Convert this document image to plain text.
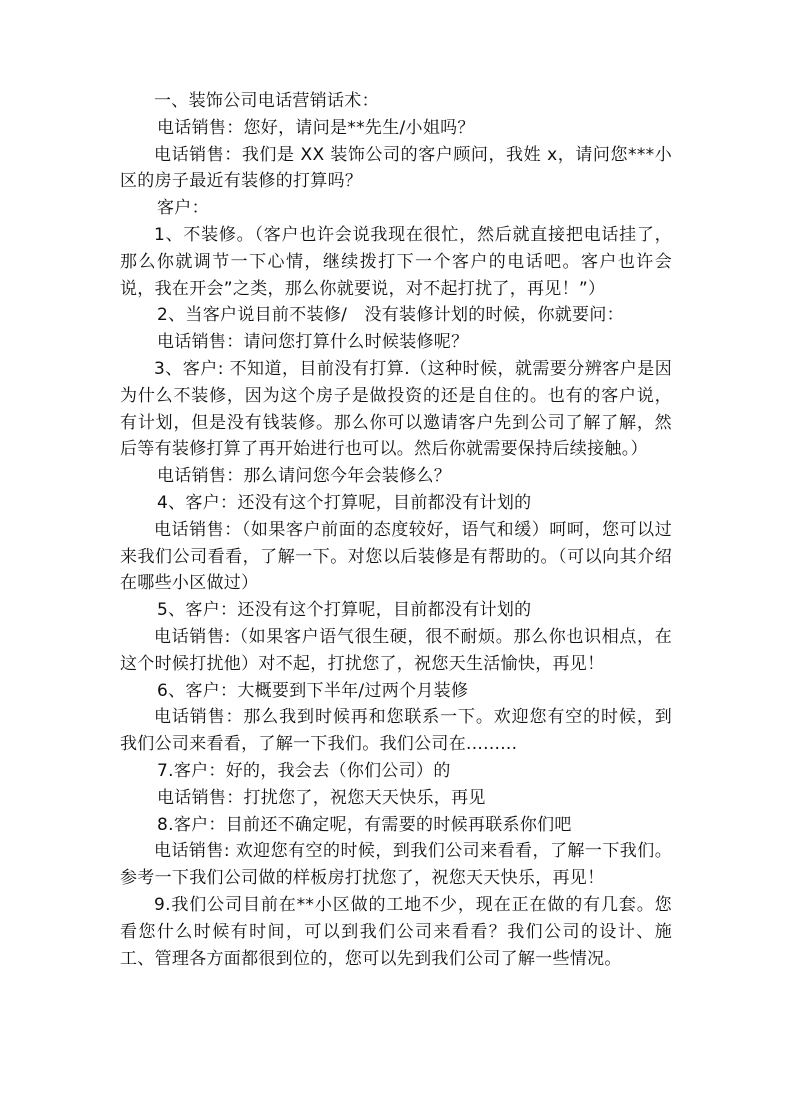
一、装饰公司电话营销话术：

电话销售：您好，请问是**先生/小姐吗？

电话销售：我们是 XX 装饰公司的客户顾问，我姓 x，请问您***小区的房子最近有装修的打算吗？

客户：

1、不装修。（客户也许会说我现在很忙，然后就直接把电话挂了，那么你就调节一下心情，继续拨打下一个客户的电话吧。客户也许会说，我在开会”之类，那么你就要说，对不起打扰了，再见！”）

2、当客户说目前不装修/　没有装修计划的时候，你就要问：

电话销售：请问您打算什么时候装修呢？

3、客户: 不知道，目前没有打算.（这种时候，就需要分辨客户是因为什么不装修，因为这个房子是做投资的还是自住的。也有的客户说，有计划，但是没有钱装修。那么你可以邀请客户先到公司了解了解，然后等有装修打算了再开始进行也可以。然后你就需要保持后续接触。）

电话销售：那么请问您今年会装修么？

4、客户：还没有这个打算呢，目前都没有计划的

电话销售：（如果客户前面的态度较好，语气和缓）呵呵，您可以过来我们公司看看，了解一下。对您以后装修是有帮助的。（可以向其介绍在哪些小区做过）

5、客户：还没有这个打算呢，目前都没有计划的

电话销售:（如果客户语气很生硬，很不耐烦。那么你也识相点，在这个时候打扰他）对不起，打扰您了，祝您天生活愉快，再见！

6、客户：大概要到下半年/过两个月装修

电话销售：那么我到时候再和您联系一下。欢迎您有空的时候，到我们公司来看看，了解一下我们。我们公司在.........

7.客户：好的，我会去（你们公司）的

电话销售：打扰您了，祝您天天快乐，再见

8.客户：目前还不确定呢，有需要的时候再联系你们吧

电话销售: 欢迎您有空的时候，到我们公司来看看，了解一下我们。参考一下我们公司做的样板房打扰您了，祝您天天快乐，再见！

9.我们公司目前在**小区做的工地不少，现在正在做的有几套。您看您什么时候有时间，可以到我们公司来看看？我们公司的设计、施工、管理各方面都很到位的，您可以先到我们公司了解一些情况。
